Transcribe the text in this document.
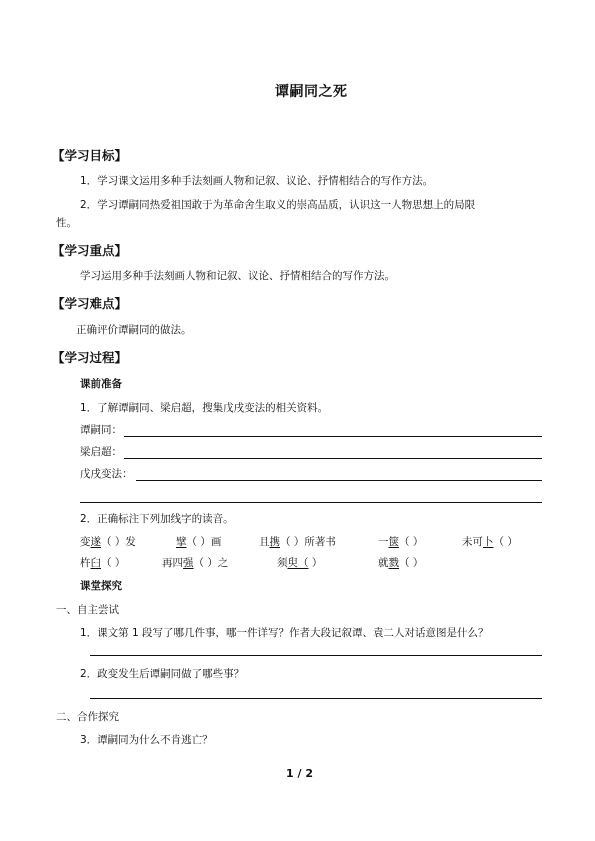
谭嗣同之死
【学习目标】
1．学习课文运用多种手法刻画人物和记叙、议论、抒情相结合的写作方法。
2．学习谭嗣同热爱祖国敢于为革命舍生取义的崇高品质，认识这一人物思想上的局限
性。
【学习重点】
学习运用多种手法刻画人物和记叙、议论、抒情相结合的写作方法。
【学习难点】
正确评价谭嗣同的做法。
【学习过程】
课前准备
1．了解谭嗣同、梁启超，搜集戊戌变法的相关资料。
谭嗣同：
梁启超：
戊戌变法：
2．正确标注下列加线字的读音。
变遂（ ）发	擘（ ）画	且携（ ）所著书	一箧（ ）	未可卜（ ）
杵臼（ ）	再四强（ ）之	须臾（ ）	就戮（ ）
课堂探究
一、自主尝试
1．课文第 1 段写了哪几件事，哪一件详写？作者大段记叙谭、袁二人对话意图是什么？
2．政变发生后谭嗣同做了哪些事？
二、合作探究
3．谭嗣同为什么不肯逃亡？
1 / 2
